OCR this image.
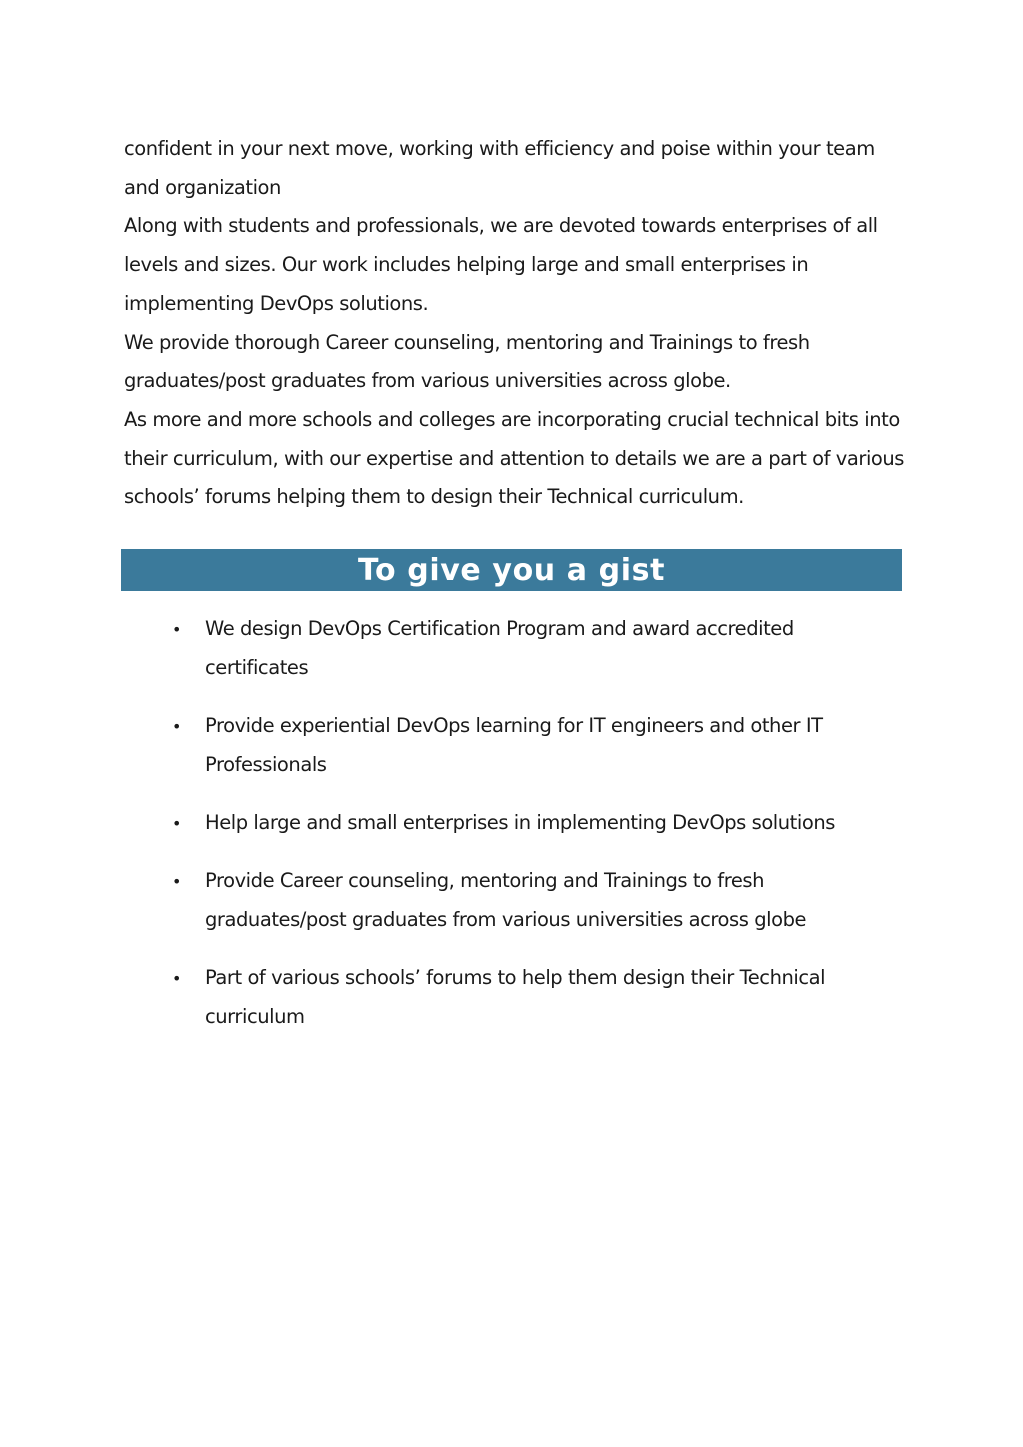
confident in your next move, working with efficiency and poise within your team and organization

Along with students and professionals, we are devoted towards enterprises of all levels and sizes. Our work includes helping large and small enterprises in implementing DevOps solutions.

We provide thorough Career counseling, mentoring and Trainings to fresh graduates/post graduates from various universities across globe.

As more and more schools and colleges are incorporating crucial technical bits into their curriculum, with our expertise and attention to details we are a part of various schools’ forums helping them to design their Technical curriculum.

To give you a gist
• We design DevOps Certification Program and award accredited certificates
• Provide experiential DevOps learning for IT engineers and other IT Professionals
• Help large and small enterprises in implementing DevOps solutions
• Provide Career counseling, mentoring and Trainings to fresh graduates/post graduates from various universities across globe
• Part of various schools’ forums to help them design their Technical curriculum
